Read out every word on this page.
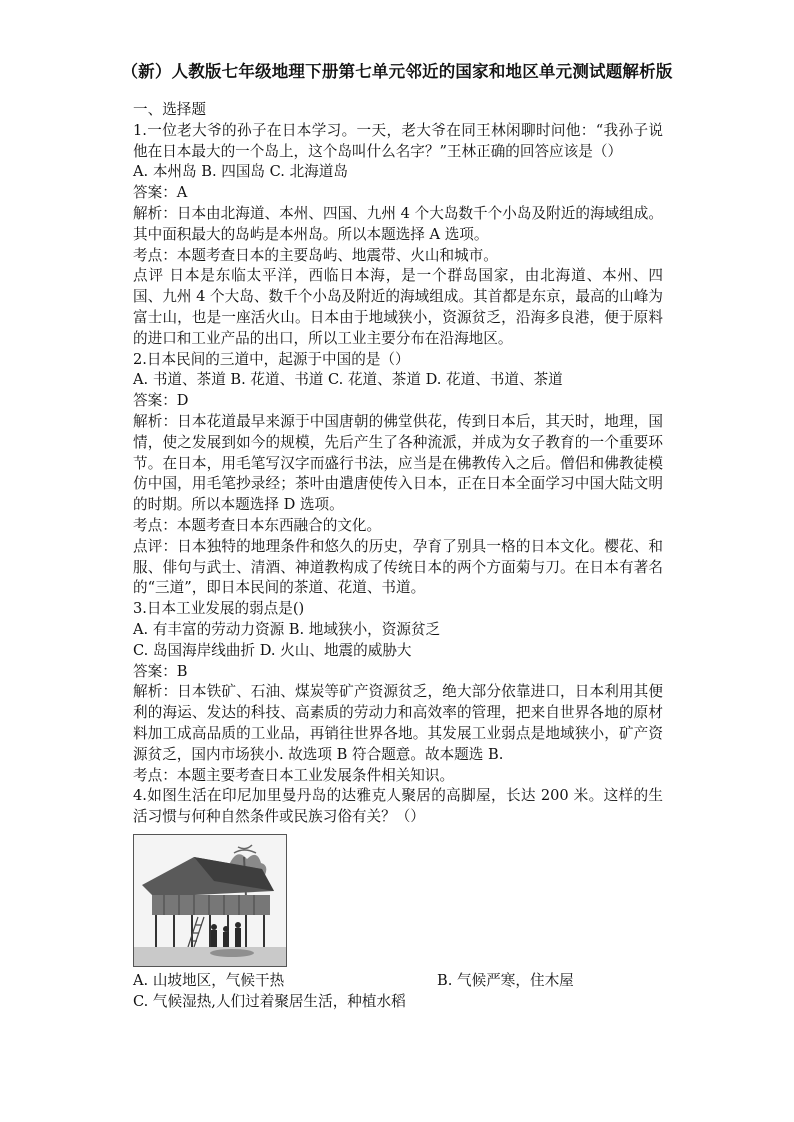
（新）人教版七年级地理下册第七单元邻近的国家和地区单元测试题解析版

一、选择题

1.一位老大爷的孙子在日本学习。一天，老大爷在同王林闲聊时问他：“我孙子说他在日本最大的一个岛上，这个岛叫什么名字？”王林正确的回答应该是（）

A. 本州岛 B. 四国岛 C. 北海道岛

答案：A

解析：日本由北海道、本州、四国、九州 4 个大岛数千个小岛及附近的海域组成。其中面积最大的岛屿是本州岛。所以本题选择 A 选项。

考点：本题考查日本的主要岛屿、地震带、火山和城市。

点评 日本是东临太平洋，西临日本海，是一个群岛国家，由北海道、本州、四国、九州 4 个大岛、数千个小岛及附近的海域组成。其首都是东京，最高的山峰为富士山，也是一座活火山。日本由于地域狭小，资源贫乏，沿海多良港，便于原料的进口和工业产品的出口，所以工业主要分布在沿海地区。

2.日本民间的三道中，起源于中国的是（）

A. 书道、茶道 B. 花道、书道 C. 花道、茶道 D. 花道、书道、茶道

答案：D

解析：日本花道最早来源于中国唐朝的佛堂供花，传到日本后，其天时，地理，国情，使之发展到如今的规模，先后产生了各种流派，并成为女子教育的一个重要环节。在日本，用毛笔写汉字而盛行书法，应当是在佛教传入之后。僧侣和佛教徒模仿中国，用毛笔抄录经；茶叶由遣唐使传入日本，正在日本全面学习中国大陆文明的时期。所以本题选择 D 选项。

考点：本题考查日本东西融合的文化。

点评：日本独特的地理条件和悠久的历史，孕育了别具一格的日本文化。樱花、和服、俳句与武士、清酒、神道教构成了传统日本的两个方面菊与刀。在日本有著名的“三道”，即日本民间的茶道、花道、书道。

3.日本工业发展的弱点是()

A. 有丰富的劳动力资源 B. 地域狭小，资源贫乏

C. 岛国海岸线曲折 D. 火山、地震的威胁大

答案：B

解析：日本铁矿、石油、煤炭等矿产资源贫乏，绝大部分依靠进口，日本利用其便利的海运、发达的科技、高素质的劳动力和高效率的管理，把来自世界各地的原材料加工成高品质的工业品，再销往世界各地。其发展工业弱点是地域狭小，矿产资源贫乏，国内市场狭小. 故选项 B 符合题意。故本题选 B.

考点：本题主要考查日本工业发展条件相关知识。

4.如图生活在印尼加里曼丹岛的达雅克人聚居的高脚屋，长达 200 米。这样的生活习惯与何种自然条件或民族习俗有关？（）

A. 山坡地区，气候干热	B. 气候严寒，住木屋

C. 气候湿热,人们过着聚居生活，种植水稻
